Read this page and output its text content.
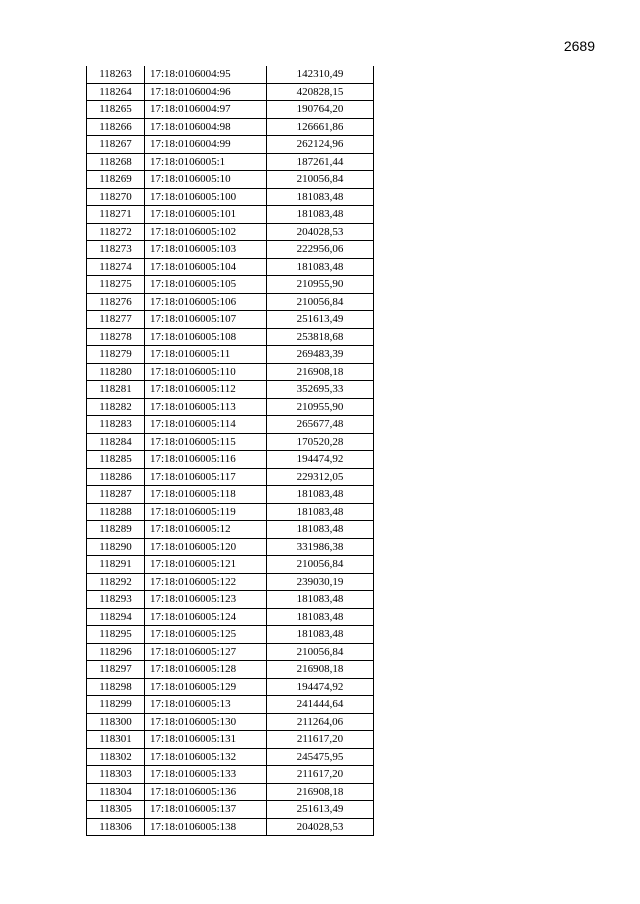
2689
118263	17:18:0106004:95	142310,49
118264	17:18:0106004:96	420828,15
118265	17:18:0106004:97	190764,20
118266	17:18:0106004:98	126661,86
118267	17:18:0106004:99	262124,96
118268	17:18:0106005:1	187261,44
118269	17:18:0106005:10	210056,84
118270	17:18:0106005:100	181083,48
118271	17:18:0106005:101	181083,48
118272	17:18:0106005:102	204028,53
118273	17:18:0106005:103	222956,06
118274	17:18:0106005:104	181083,48
118275	17:18:0106005:105	210955,90
118276	17:18:0106005:106	210056,84
118277	17:18:0106005:107	251613,49
118278	17:18:0106005:108	253818,68
118279	17:18:0106005:11	269483,39
118280	17:18:0106005:110	216908,18
118281	17:18:0106005:112	352695,33
118282	17:18:0106005:113	210955,90
118283	17:18:0106005:114	265677,48
118284	17:18:0106005:115	170520,28
118285	17:18:0106005:116	194474,92
118286	17:18:0106005:117	229312,05
118287	17:18:0106005:118	181083,48
118288	17:18:0106005:119	181083,48
118289	17:18:0106005:12	181083,48
118290	17:18:0106005:120	331986,38
118291	17:18:0106005:121	210056,84
118292	17:18:0106005:122	239030,19
118293	17:18:0106005:123	181083,48
118294	17:18:0106005:124	181083,48
118295	17:18:0106005:125	181083,48
118296	17:18:0106005:127	210056,84
118297	17:18:0106005:128	216908,18
118298	17:18:0106005:129	194474,92
118299	17:18:0106005:13	241444,64
118300	17:18:0106005:130	211264,06
118301	17:18:0106005:131	211617,20
118302	17:18:0106005:132	245475,95
118303	17:18:0106005:133	211617,20
118304	17:18:0106005:136	216908,18
118305	17:18:0106005:137	251613,49
118306	17:18:0106005:138	204028,53
